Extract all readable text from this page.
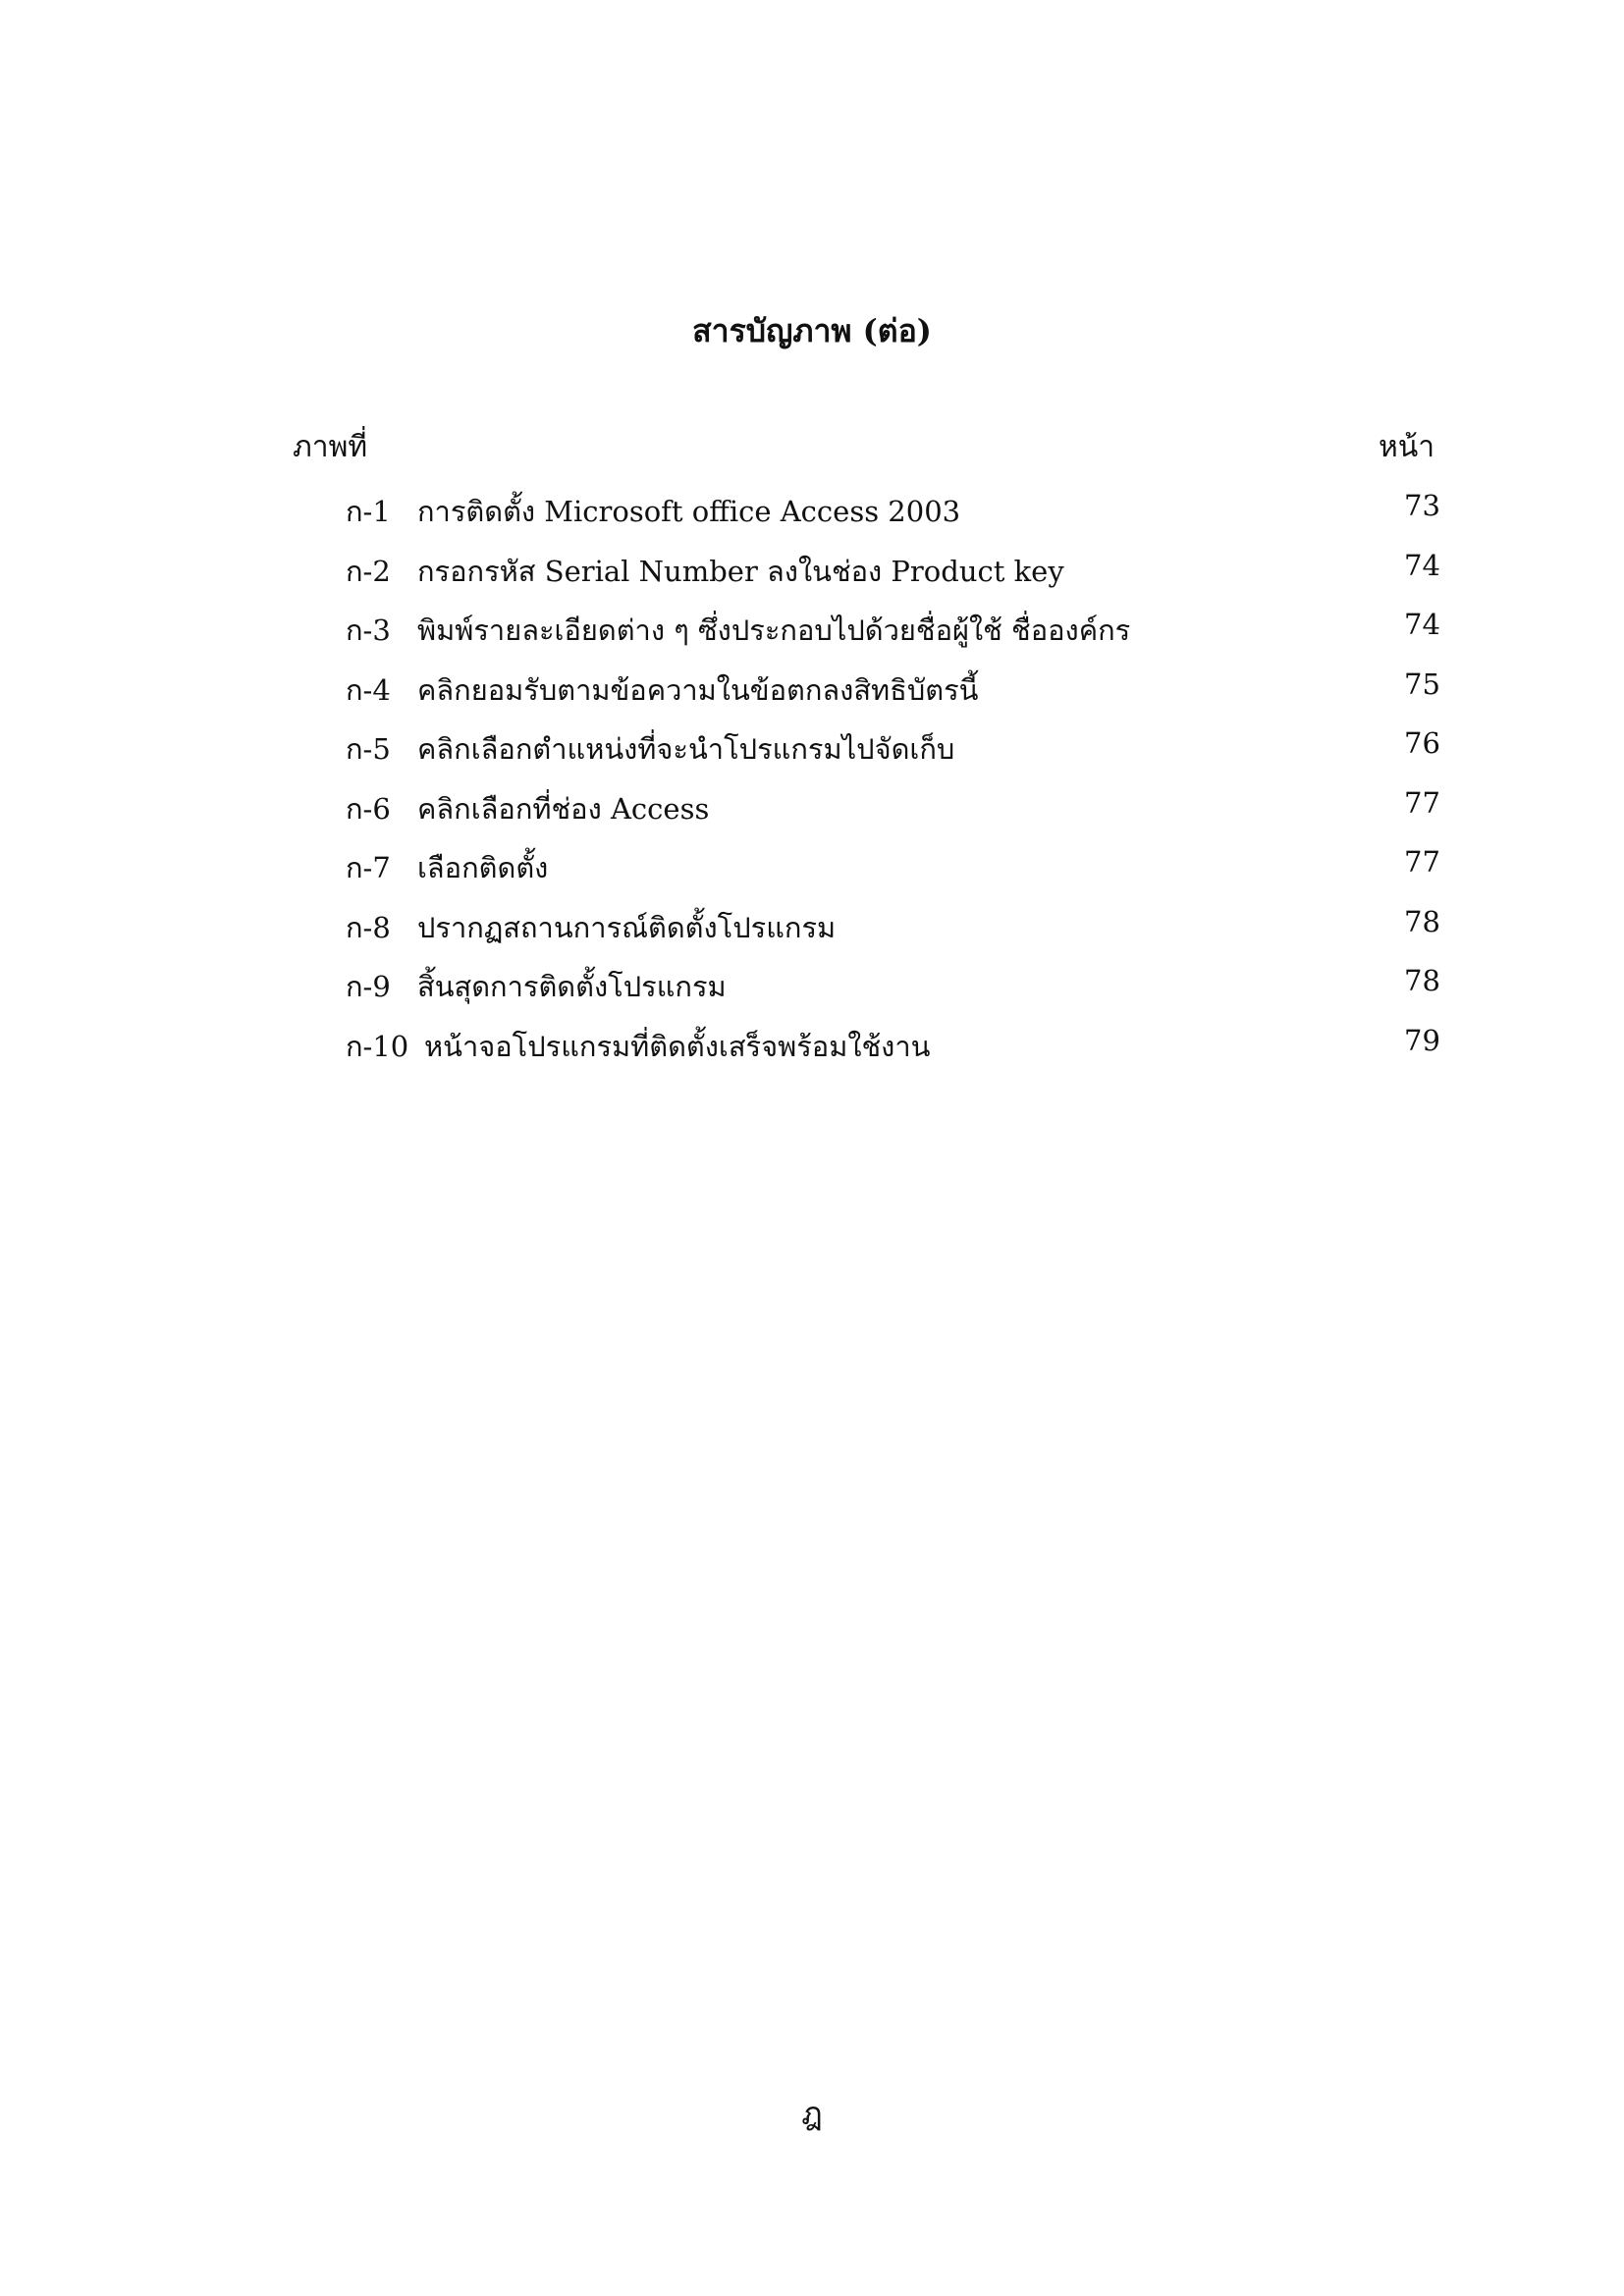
สารบัญภาพ (ต่อ)
ภาพที่	หน้า
ก-1 การติดตั้ง Microsoft office Access 2003	73
ก-2 กรอกรหัส Serial Number ลงในช่อง Product key	74
ก-3 พิมพ์รายละเอียดต่าง ๆ ซึ่งประกอบไปด้วยชื่อผู้ใช้ ชื่อองค์กร	74
ก-4 คลิกยอมรับตามข้อความในข้อตกลงสิทธิบัตรนี้	75
ก-5 คลิกเลือกตำแหน่งที่จะนำโปรแกรมไปจัดเก็บ	76
ก-6 คลิกเลือกที่ช่อง Access	77
ก-7 เลือกติดตั้ง	77
ก-8 ปรากฏสถานการณ์ติดตั้งโปรแกรม	78
ก-9 สิ้นสุดการติดตั้งโปรแกรม	78
ก-10 หน้าจอโปรแกรมที่ติดตั้งเสร็จพร้อมใช้งาน	79
ฎ
